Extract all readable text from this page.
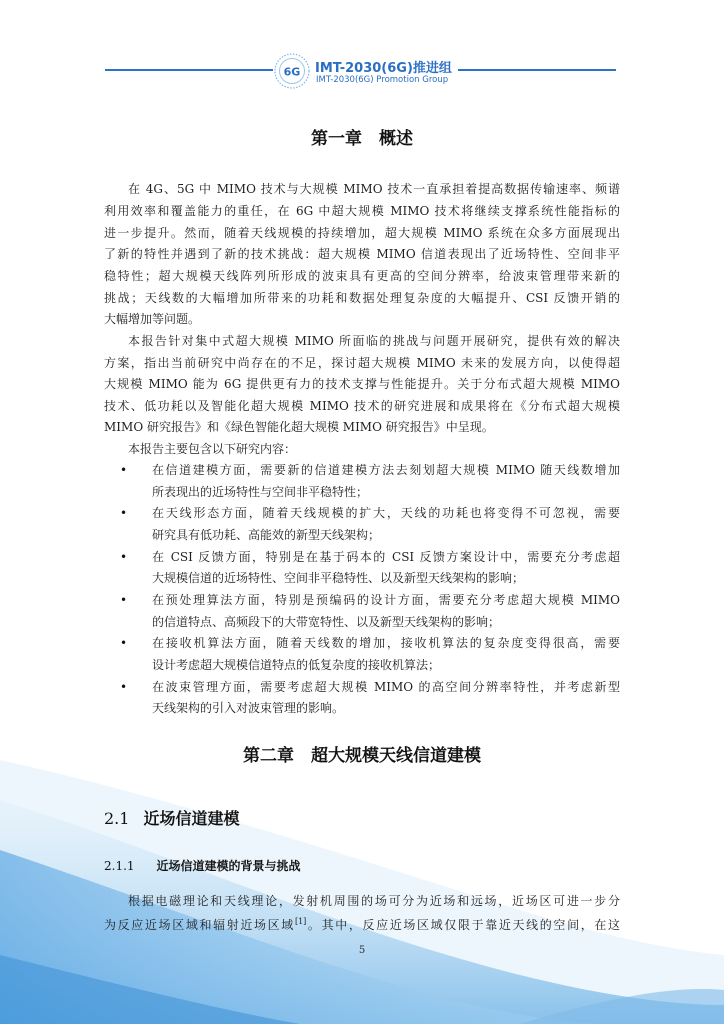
6G IMT-2030(6G)推进组
IMT-2030(6G) Promotion Group
第一章　概述
在 4G、5G 中 MIMO 技术与大规模 MIMO 技术一直承担着提高数据传输速率、频谱
利用效率和覆盖能力的重任，在 6G 中超大规模 MIMO 技术将继续支撑系统性能指标的
进一步提升。然而，随着天线规模的持续增加，超大规模 MIMO 系统在众多方面展现出
了新的特性并遇到了新的技术挑战：超大规模 MIMO 信道表现出了近场特性、空间非平
稳特性；超大规模天线阵列所形成的波束具有更高的空间分辨率，给波束管理带来新的
挑战；天线数的大幅增加所带来的功耗和数据处理复杂度的大幅提升、CSI 反馈开销的
大幅增加等问题。
本报告针对集中式超大规模 MIMO 所面临的挑战与问题开展研究，提供有效的解决
方案，指出当前研究中尚存在的不足，探讨超大规模 MIMO 未来的发展方向，以使得超
大规模 MIMO 能为 6G 提供更有力的技术支撑与性能提升。关于分布式超大规模 MIMO
技术、低功耗以及智能化超大规模 MIMO 技术的研究进展和成果将在《分布式超大规模
MIMO 研究报告》和《绿色智能化超大规模 MIMO 研究报告》中呈现。
本报告主要包含以下研究内容：
• 在信道建模方面，需要新的信道建模方法去刻划超大规模 MIMO 随天线数增加
所表现出的近场特性与空间非平稳特性；
• 在天线形态方面，随着天线规模的扩大，天线的功耗也将变得不可忽视，需要
研究具有低功耗、高能效的新型天线架构；
• 在 CSI 反馈方面，特别是在基于码本的 CSI 反馈方案设计中，需要充分考虑超
大规模信道的近场特性、空间非平稳特性、以及新型天线架构的影响；
• 在预处理算法方面，特别是预编码的设计方面，需要充分考虑超大规模 MIMO
的信道特点、高频段下的大带宽特性、以及新型天线架构的影响；
• 在接收机算法方面，随着天线数的增加，接收机算法的复杂度变得很高，需要
设计考虑超大规模信道特点的低复杂度的接收机算法；
• 在波束管理方面，需要考虑超大规模 MIMO 的高空间分辨率特性，并考虑新型
天线架构的引入对波束管理的影响。
第二章　超大规模天线信道建模
2.1 近场信道建模
2.1.1 近场信道建模的背景与挑战
根据电磁理论和天线理论，发射机周围的场可分为近场和远场，近场区可进一步分
为反应近场区域和辐射近场区域[1]。其中，反应近场区域仅限于靠近天线的空间，在这
5
